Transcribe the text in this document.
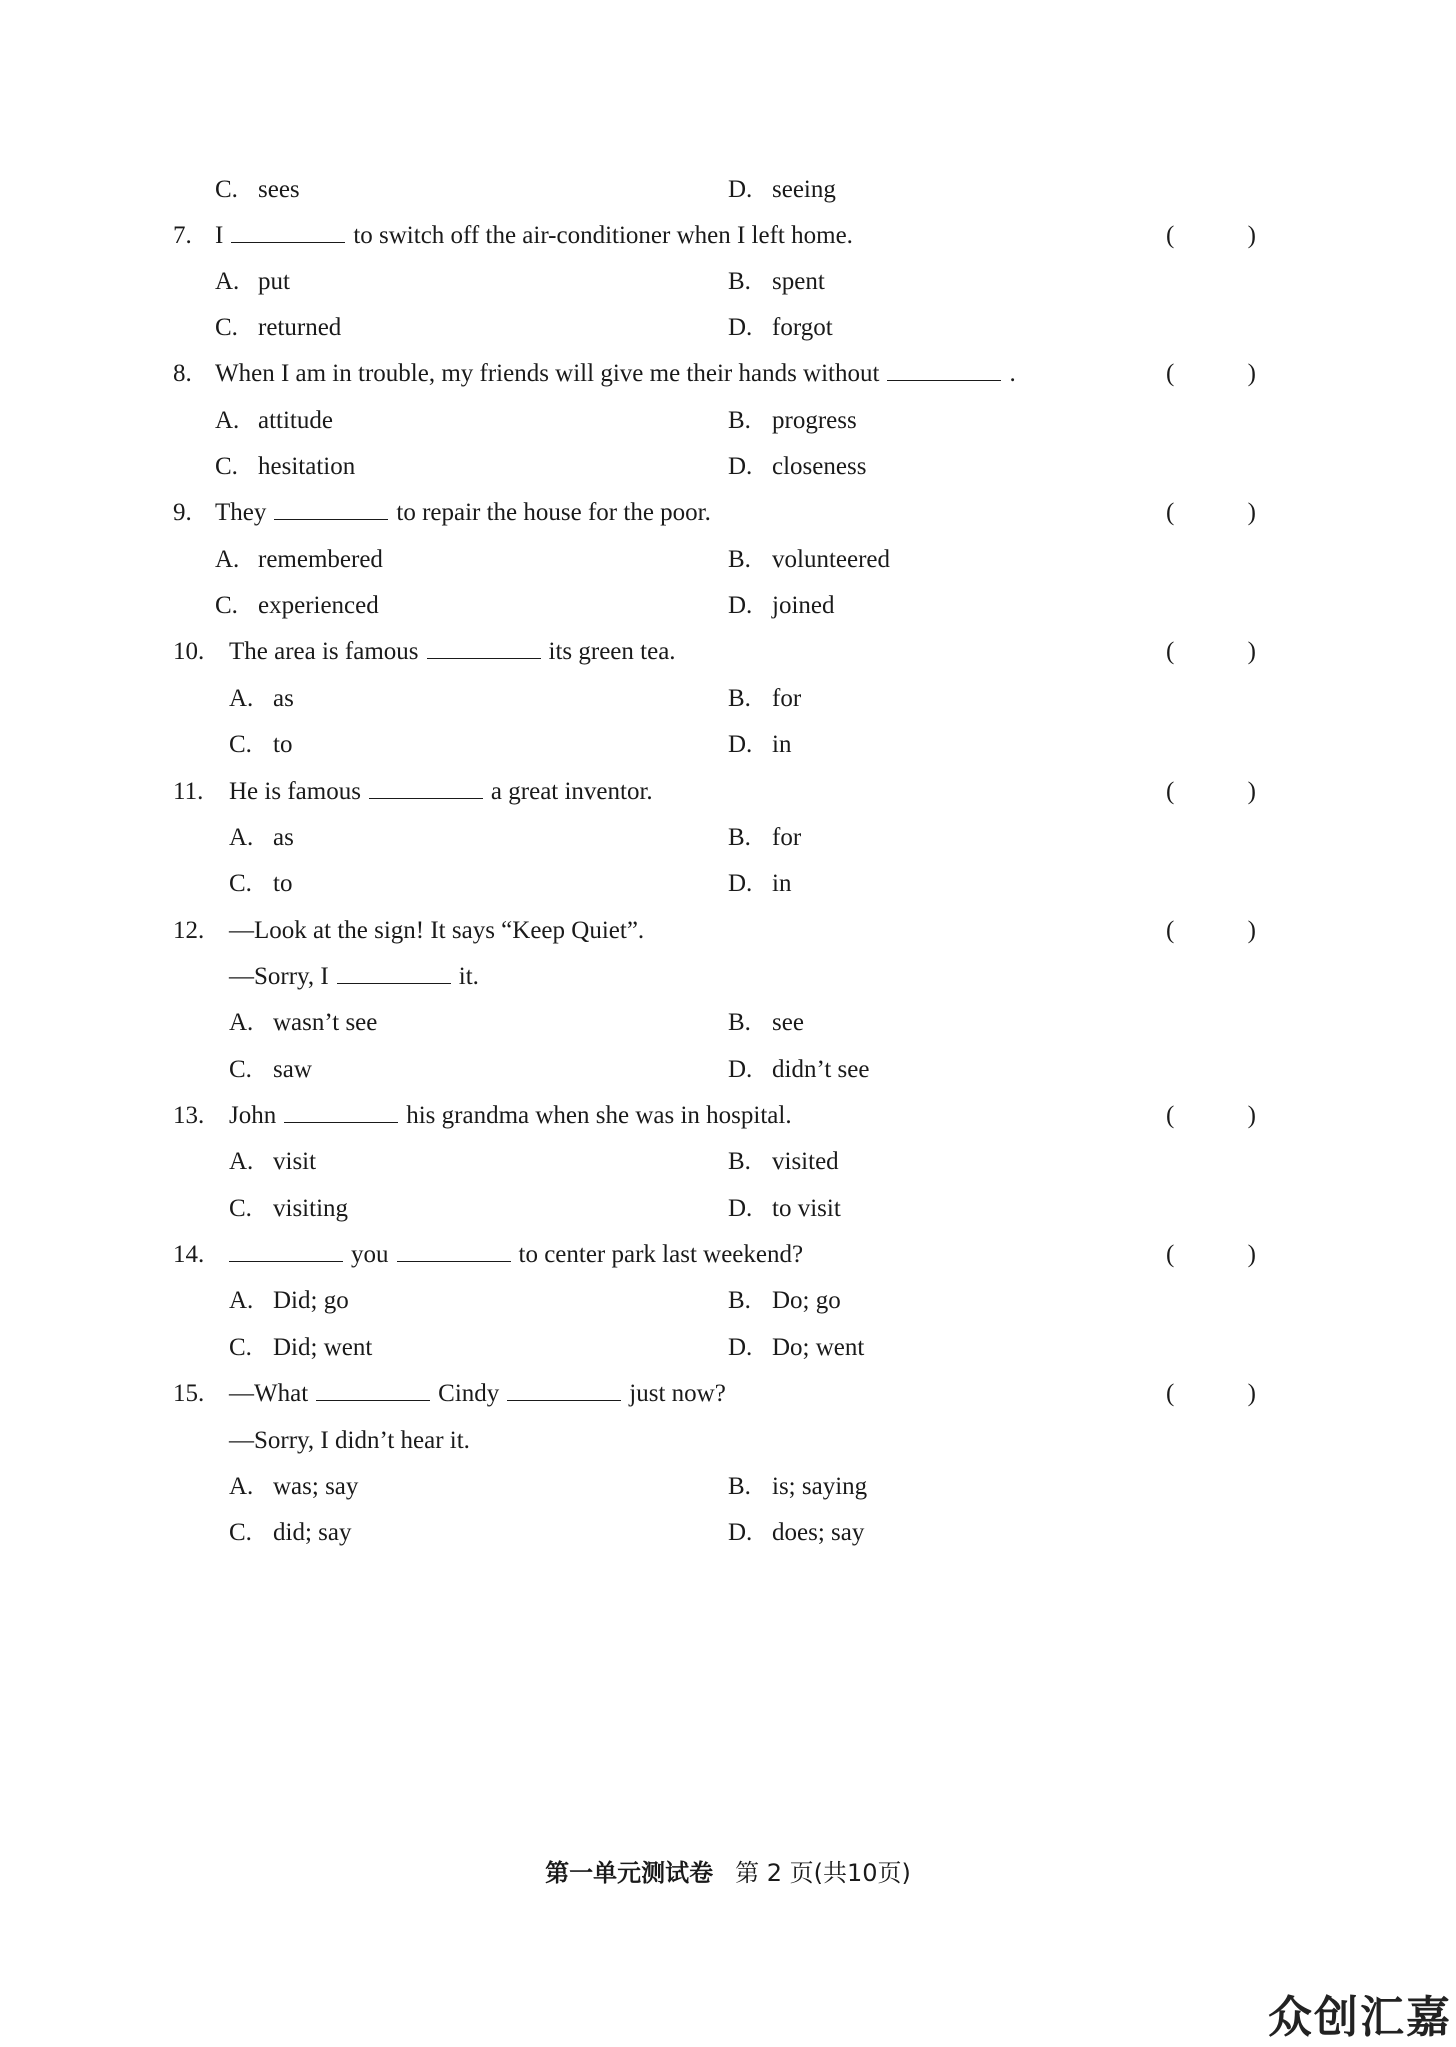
C. sees	D. seeing
7. I	to switch off the air-conditioner when I left home.	(	)
A. put	B. spent
C. returned	D. forgot
8. When I am in trouble, my friends will give me their hands without	.	(	)
A. attitude	B. progress
C. hesitation	D. closeness
9. They	to repair the house for the poor.	(	)
A. remembered	B. volunteered
C. experienced	D. joined
10. The area is famous	its green tea.	(	)
A. as	B. for
C. to	D. in
11. He is famous	a great inventor.	(	)
A. as	B. for
C. to	D. in
12. —Look at the sign! It says “Keep Quiet”.	(	)
—Sorry, I	it.
A. wasn’t see	B. see
C. saw	D. didn’t see
13. John	his grandma when she was in hospital.	(	)
A. visit	B. visited
C. visiting	D. to visit
14.	you	to center park last weekend?	(	)
A. Did; go	B. Do; go
C. Did; went	D. Do; went
15. —What	Cindy	just now?	(	)
—Sorry, I didn’t hear it.
A. was; say	B. is; saying
C. did; say	D. does; say
第一单元测试卷 第 2 页(共10页)
众创汇嘉
